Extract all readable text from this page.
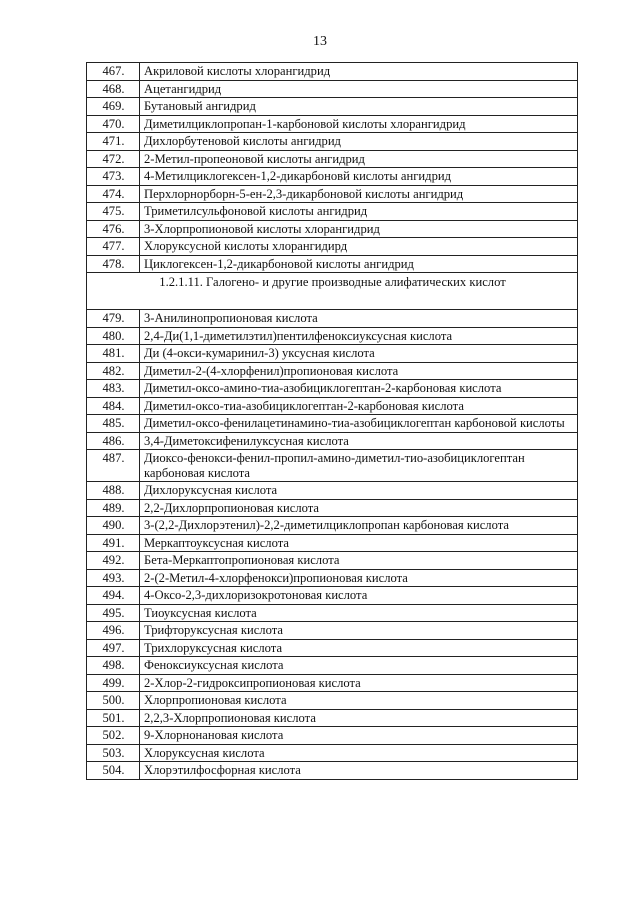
13
467.	Акриловой кислоты хлорангидрид
468.	Ацетангидрид
469.	Бутановый ангидрид
470.	Диметилциклопропан-1-карбоновой кислоты хлорангидрид
471.	Дихлорбутеновой кислоты ангидрид
472.	2-Метил-пропеоновой кислоты ангидрид
473.	4-Метилциклогексен-1,2-дикарбоновй кислоты ангидрид
474.	Перхлорнорборн-5-ен-2,3-дикарбоновой кислоты ангидрид
475.	Триметилсульфоновой кислоты ангидрид
476.	3-Хлорпропионовой кислоты хлорангидрид
477.	Хлоруксусной кислоты хлорангидирд
478.	Циклогексен-1,2-дикарбоновой кислоты ангидрид
1.2.1.11. Галогено- и другие производные алифатических кислот	
479.	3-Анилинопропионовая кислота
480.	2,4-Ди(1,1-диметилэтил)пентилфеноксиуксусная кислота
481.	Ди (4-окси-кумаринил-3) уксусная кислота
482.	Диметил-2-(4-хлорфенил)пропионовая кислота
483.	Диметил-оксо-амино-тиа-азобициклогептан-2-карбоновая кислота
484.	Диметил-оксо-тиа-азобициклогептан-2-карбоновая кислота
485.	Диметил-оксо-фенилацетинамино-тиа-азобициклогептан карбоновой кислоты
486.	3,4-Диметоксифенилуксусная кислота
487.	Диоксо-фенокси-фенил-пропил-амино-диметил-тио-азобициклогептан карбоновая кислота
488.	Дихлоруксусная кислота
489.	2,2-Дихлорпропионовая кислота
490.	3-(2,2-Дихлорэтенил)-2,2-диметилциклопропан карбоновая кислота
491.	Меркаптоуксусная кислота
492.	Бета-Меркаптопропионовая кислота
493.	2-(2-Метил-4-хлорфенокси)пропионовая кислота
494.	4-Оксо-2,3-дихлоризокротоновая кислота
495.	Тиоуксусная кислота
496.	Трифторуксусная кислота
497.	Трихлоруксусная кислота
498.	Феноксиуксусная кислота
499.	2-Хлор-2-гидроксипропионовая кислота
500.	Хлорпропионовая кислота
501.	2,2,3-Хлорпропионовая кислота
502.	9-Хлорнонановая кислота
503.	Хлоруксусная кислота
504.	Хлорэтилфосфорная кислота
